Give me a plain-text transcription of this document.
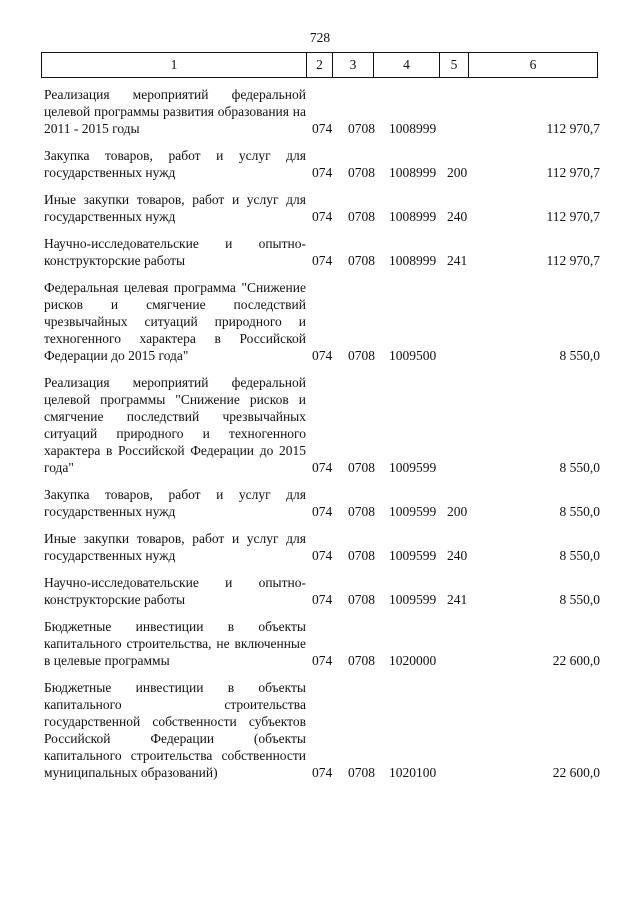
728
1	2	3	4	5	6
Реализация мероприятий федеральной целевой программы развития образования на 2011 - 2015 годы	074 0708 1008999	112 970,7
Закупка товаров, работ и услуг для государственных нужд	074 0708 1008999 200	112 970,7
Иные закупки товаров, работ и услуг для государственных нужд	074 0708 1008999 240	112 970,7
Научно-исследовательские и опытно-конструкторские работы	074 0708 1008999 241	112 970,7
Федеральная целевая программа "Снижение рисков и смягчение последствий чрезвычайных ситуаций природного и техногенного характера в Российской Федерации до 2015 года"	074 0708 1009500	8 550,0
Реализация мероприятий федеральной целевой программы "Снижение рисков и смягчение последствий чрезвычайных ситуаций природного и техногенного характера в Российской Федерации до 2015 года"	074 0708 1009599	8 550,0
Закупка товаров, работ и услуг для государственных нужд	074 0708 1009599 200	8 550,0
Иные закупки товаров, работ и услуг для государственных нужд	074 0708 1009599 240	8 550,0
Научно-исследовательские и опытно-конструкторские работы	074 0708 1009599 241	8 550,0
Бюджетные инвестиции в объекты капитального строительства, не включенные в целевые программы	074 0708 1020000	22 600,0
Бюджетные инвестиции в объекты капитального строительства государственной собственности субъектов Российской Федерации (объекты капитального строительства собственности муниципальных образований)	074 0708 1020100	22 600,0
